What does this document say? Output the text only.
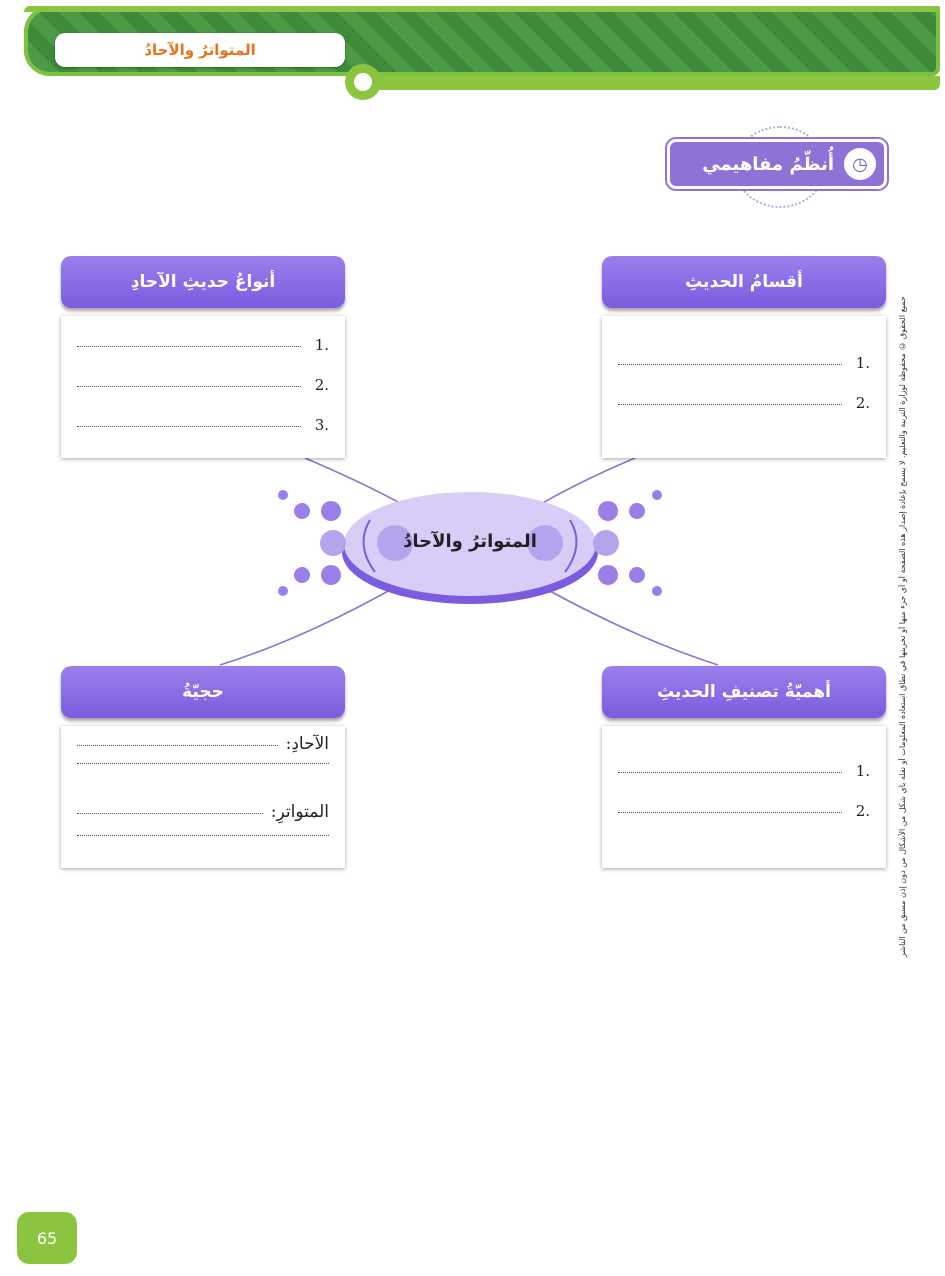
المتواترُ والآحادُ
◷
أُنظّمُ مفاهيمي
المتواترُ والآحادُ
أقسامُ الحديثِ
1.
2.
أنواعُ حديثِ الآحادِ
1.
2.
3.
أهميّةُ تصنيفِ الحديثِ
1.
2.
حجيّةُ
الآحادِ:
المتواترِ:	جميع الحقوق © محفوظة لوزارة التربية والتعليم. لا يسمح بإعادة إصدار هذه الصفحة أو أي جزء منها أو تخزينها في نطاق استعادة المعلومات أو نقله بأي شكل من الأشكال من دون إذن مسبق من الناشر
65
